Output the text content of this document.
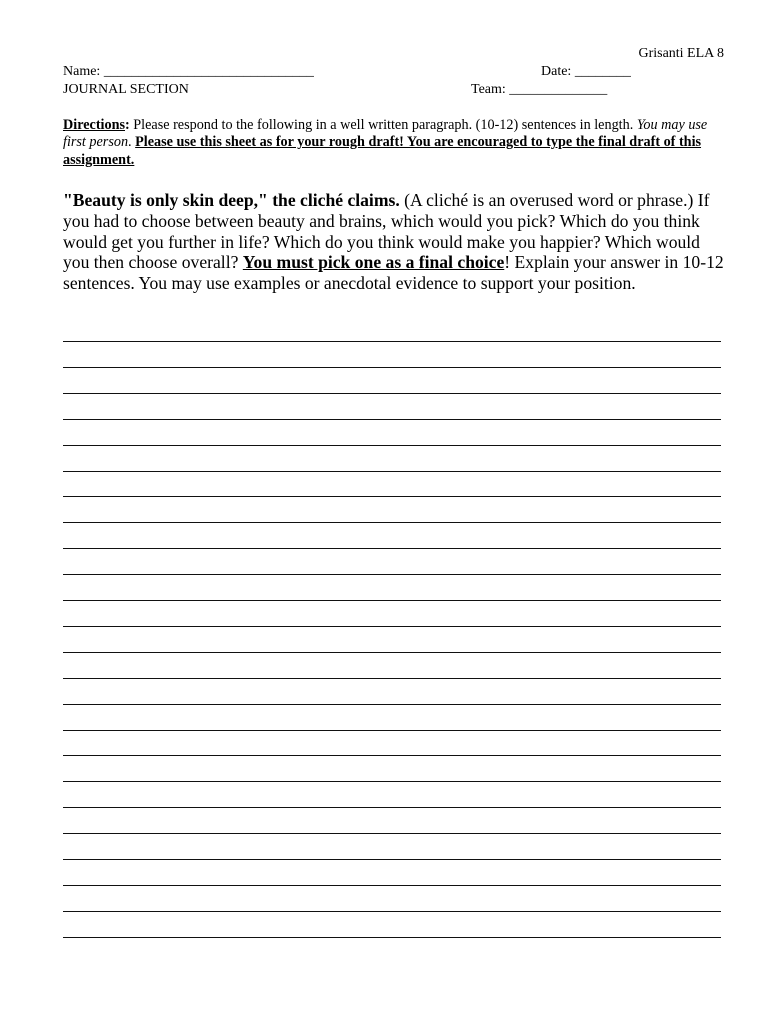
Grisanti ELA 8
Name: ______________________________	Date: ________
JOURNAL SECTION	Team: ______________
Directions: Please respond to the following in a well written paragraph. (10-12) sentences in length. You may use first person. Please use this sheet as for your rough draft! You are encouraged to type the final draft of this assignment.
"Beauty is only skin deep," the cliché claims. (A cliché is an overused word or phrase.) If you had to choose between beauty and brains, which would you pick? Which do you think would get you further in life? Which do you think would make you happier? Which would you then choose overall? You must pick one as a final choice! Explain your answer in 10-12 sentences. You may use examples or anecdotal evidence to support your position.
